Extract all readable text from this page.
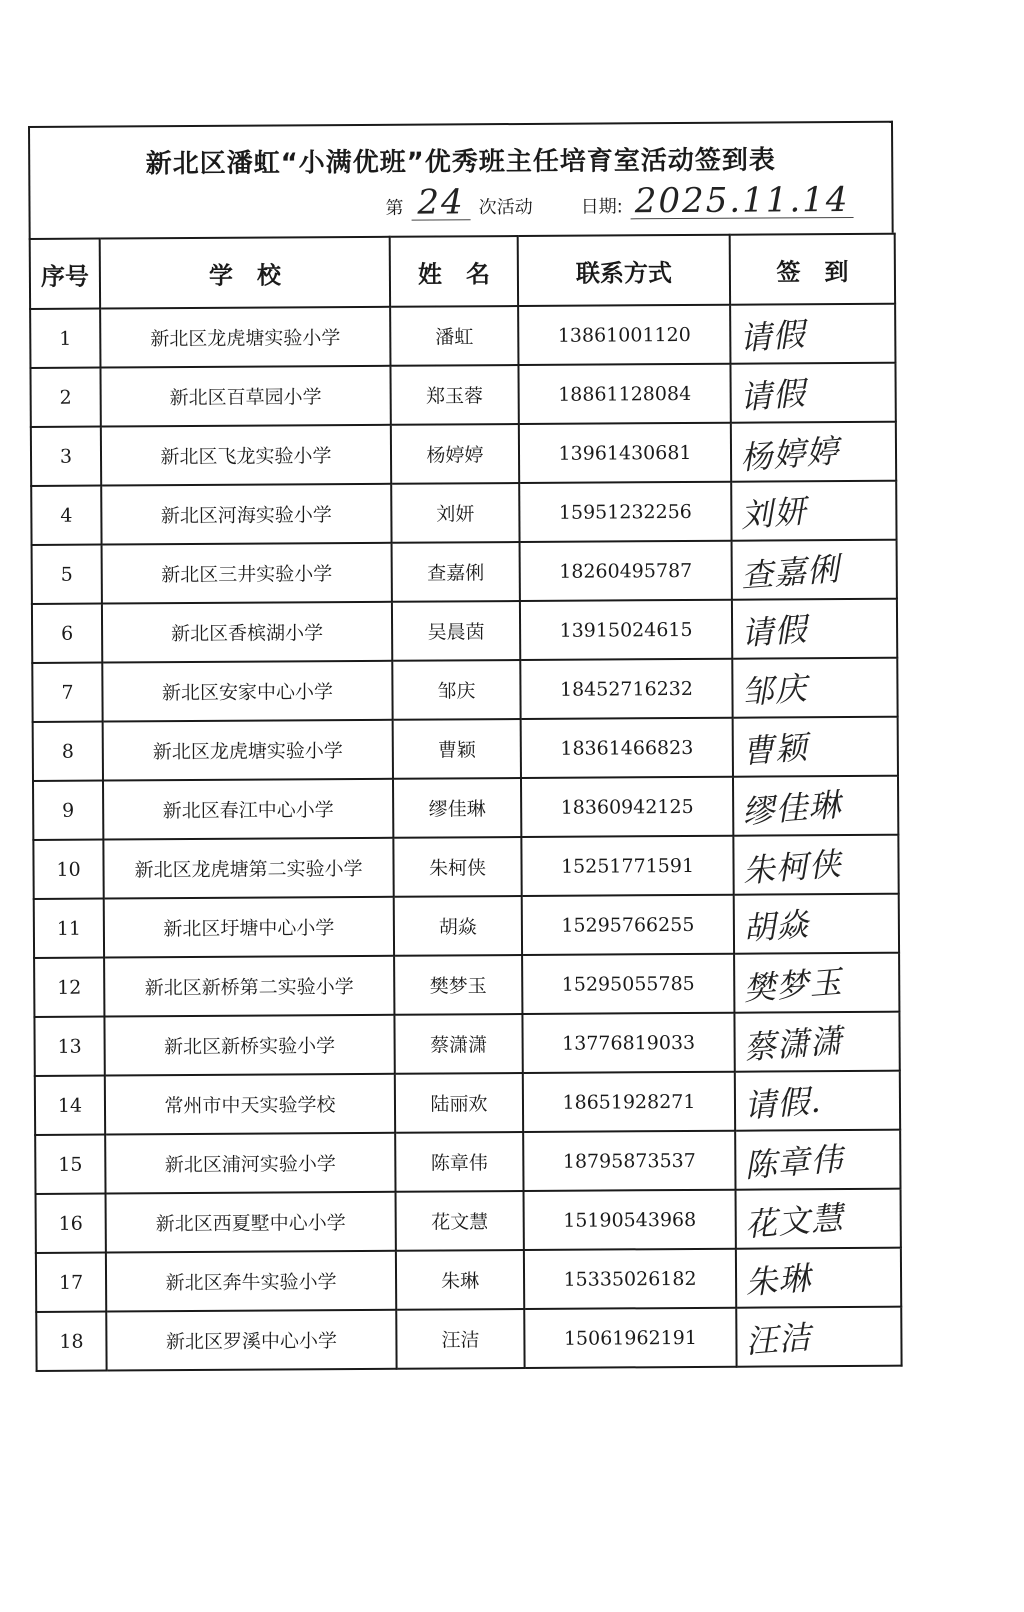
新北区潘虹“小满优班”优秀班主任培育室活动签到表
第 24 次活动	日期: 2025.11.14
序号	学　校	姓　名	联系方式	签　到
1	新北区龙虎塘实验小学	潘虹	13861001120	请假
2	新北区百草园小学	郑玉蓉	18861128084	请假
3	新北区飞龙实验小学	杨婷婷	13961430681	杨婷婷
4	新北区河海实验小学	刘妍	15951232256	刘妍
5	新北区三井实验小学	查嘉俐	18260495787	查嘉俐
6	新北区香槟湖小学	吴晨茵	13915024615	请假
7	新北区安家中心小学	邹庆	18452716232	邹庆
8	新北区龙虎塘实验小学	曹颖	18361466823	曹颖
9	新北区春江中心小学	缪佳琳	18360942125	缪佳琳
10	新北区龙虎塘第二实验小学	朱柯侠	15251771591	朱柯侠
11	新北区圩塘中心小学	胡焱	15295766255	胡焱
12	新北区新桥第二实验小学	樊梦玉	15295055785	樊梦玉
13	新北区新桥实验小学	蔡潇潇	13776819033	蔡潇潇
14	常州市中天实验学校	陆丽欢	18651928271	请假.
15	新北区浦河实验小学	陈章伟	18795873537	陈章伟
16	新北区西夏墅中心小学	花文慧	15190543968	花文慧
17	新北区奔牛实验小学	朱琳	15335026182	朱琳
18	新北区罗溪中心小学	汪洁	15061962191	汪洁
